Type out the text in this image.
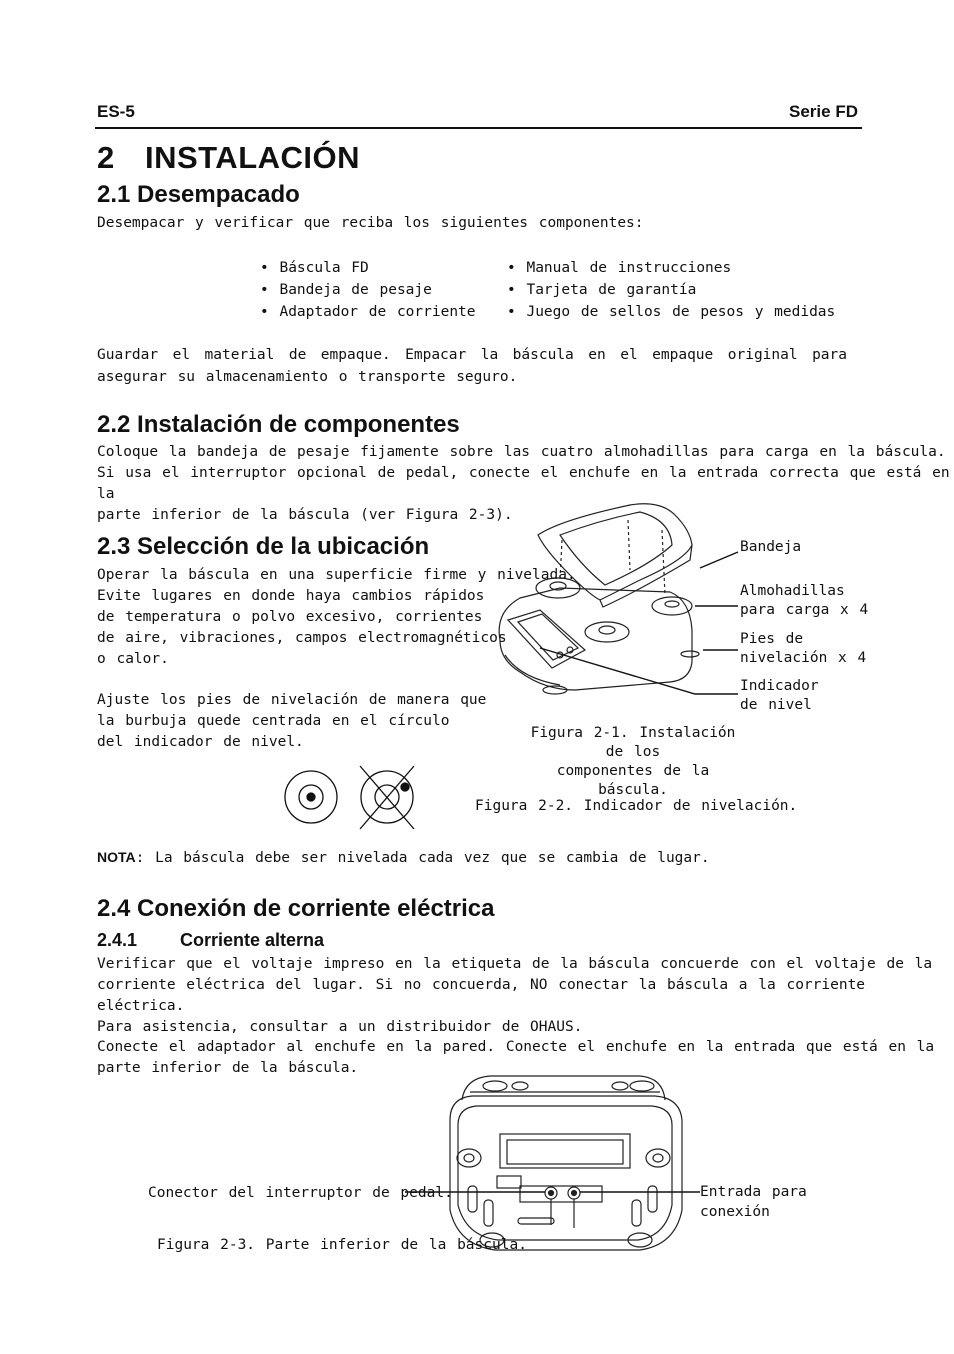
ES-5	Serie FD
2 INSTALACIÓN
2.1 Desempacado
Desempacar y verificar que reciba los siguientes componentes:
• Báscula FD
• Bandeja de pesaje
• Adaptador de corriente
• Manual de instrucciones
• Tarjeta de garantía
• Juego de sellos de pesos y medidas
Guardar el material de empaque. Empacar la báscula en el empaque original para asegurar su almacenamiento o transporte seguro.
2.2 Instalación de componentes
Coloque la bandeja de pesaje fijamente sobre las cuatro almohadillas para carga en la báscula.
Si usa el interruptor opcional de pedal, conecte el enchufe en la entrada correcta que está en la
parte inferior de la báscula (ver Figura 2-3).
2.3 Selección de la ubicación
Operar la báscula en una superficie firme y nivelada.
Evite lugares en donde haya cambios rápidos
de temperatura o polvo excesivo, corrientes
de aire, vibraciones, campos electromagnéticos
o calor.
Ajuste los pies de nivelación de manera que
la burbuja quede centrada en el círculo
del indicador de nivel.
Bandeja
Almohadillas
para carga x 4
Pies de
nivelación x 4
Indicador
de nivel
Figura 2-1. Instalación de los
componentes de la báscula.
Figura 2-2. Indicador de nivelación.
NOTA: La báscula debe ser nivelada cada vez que se cambia de lugar.
2.4 Conexión de corriente eléctrica
2.4.1 Corriente alterna
Verificar que el voltaje impreso en la etiqueta de la báscula concuerde con el voltaje de la
corriente eléctrica del lugar. Si no concuerda, NO conectar la báscula a la corriente eléctrica.
Para asistencia, consultar a un distribuidor de OHAUS.
Conecte el adaptador al enchufe en la pared. Conecte el enchufe en la entrada que está en la
parte inferior de la báscula.
Conector del interruptor de pedal.	Entrada para
conexión
Figura 2-3. Parte inferior de la báscula.
